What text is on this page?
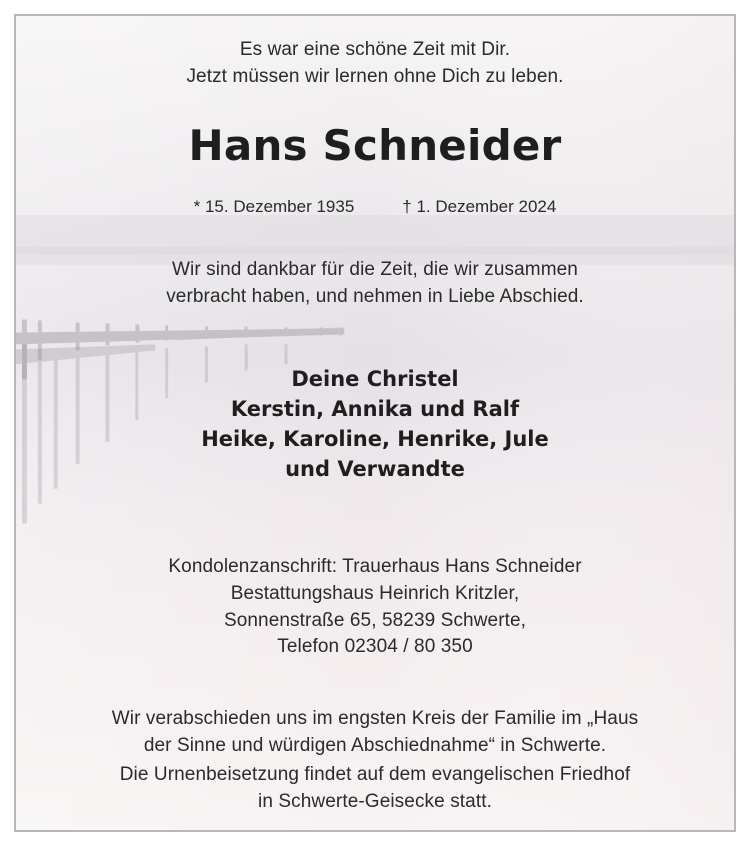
Es war eine schöne Zeit mit Dir.

Jetzt müssen wir lernen ohne Dich zu leben.

Hans Schneider

* 15. Dezember 1935	† 1. Dezember 2024

Wir sind dankbar für die Zeit, die wir zusammen

verbracht haben, und nehmen in Liebe Abschied.

Deine Christel

Kerstin, Annika und Ralf

Heike, Karoline, Henrike, Jule

und Verwandte

Kondolenzanschrift: Trauerhaus Hans Schneider

Bestattungshaus Heinrich Kritzler,

Sonnenstraße 65, 58239 Schwerte,

Telefon 02304 / 80 350

Wir verabschieden uns im engsten Kreis der Familie im „Haus

der Sinne und würdigen Abschiednahme“ in Schwerte.

Die Urnenbeisetzung findet auf dem evangelischen Friedhof

in Schwerte-Geisecke statt.
